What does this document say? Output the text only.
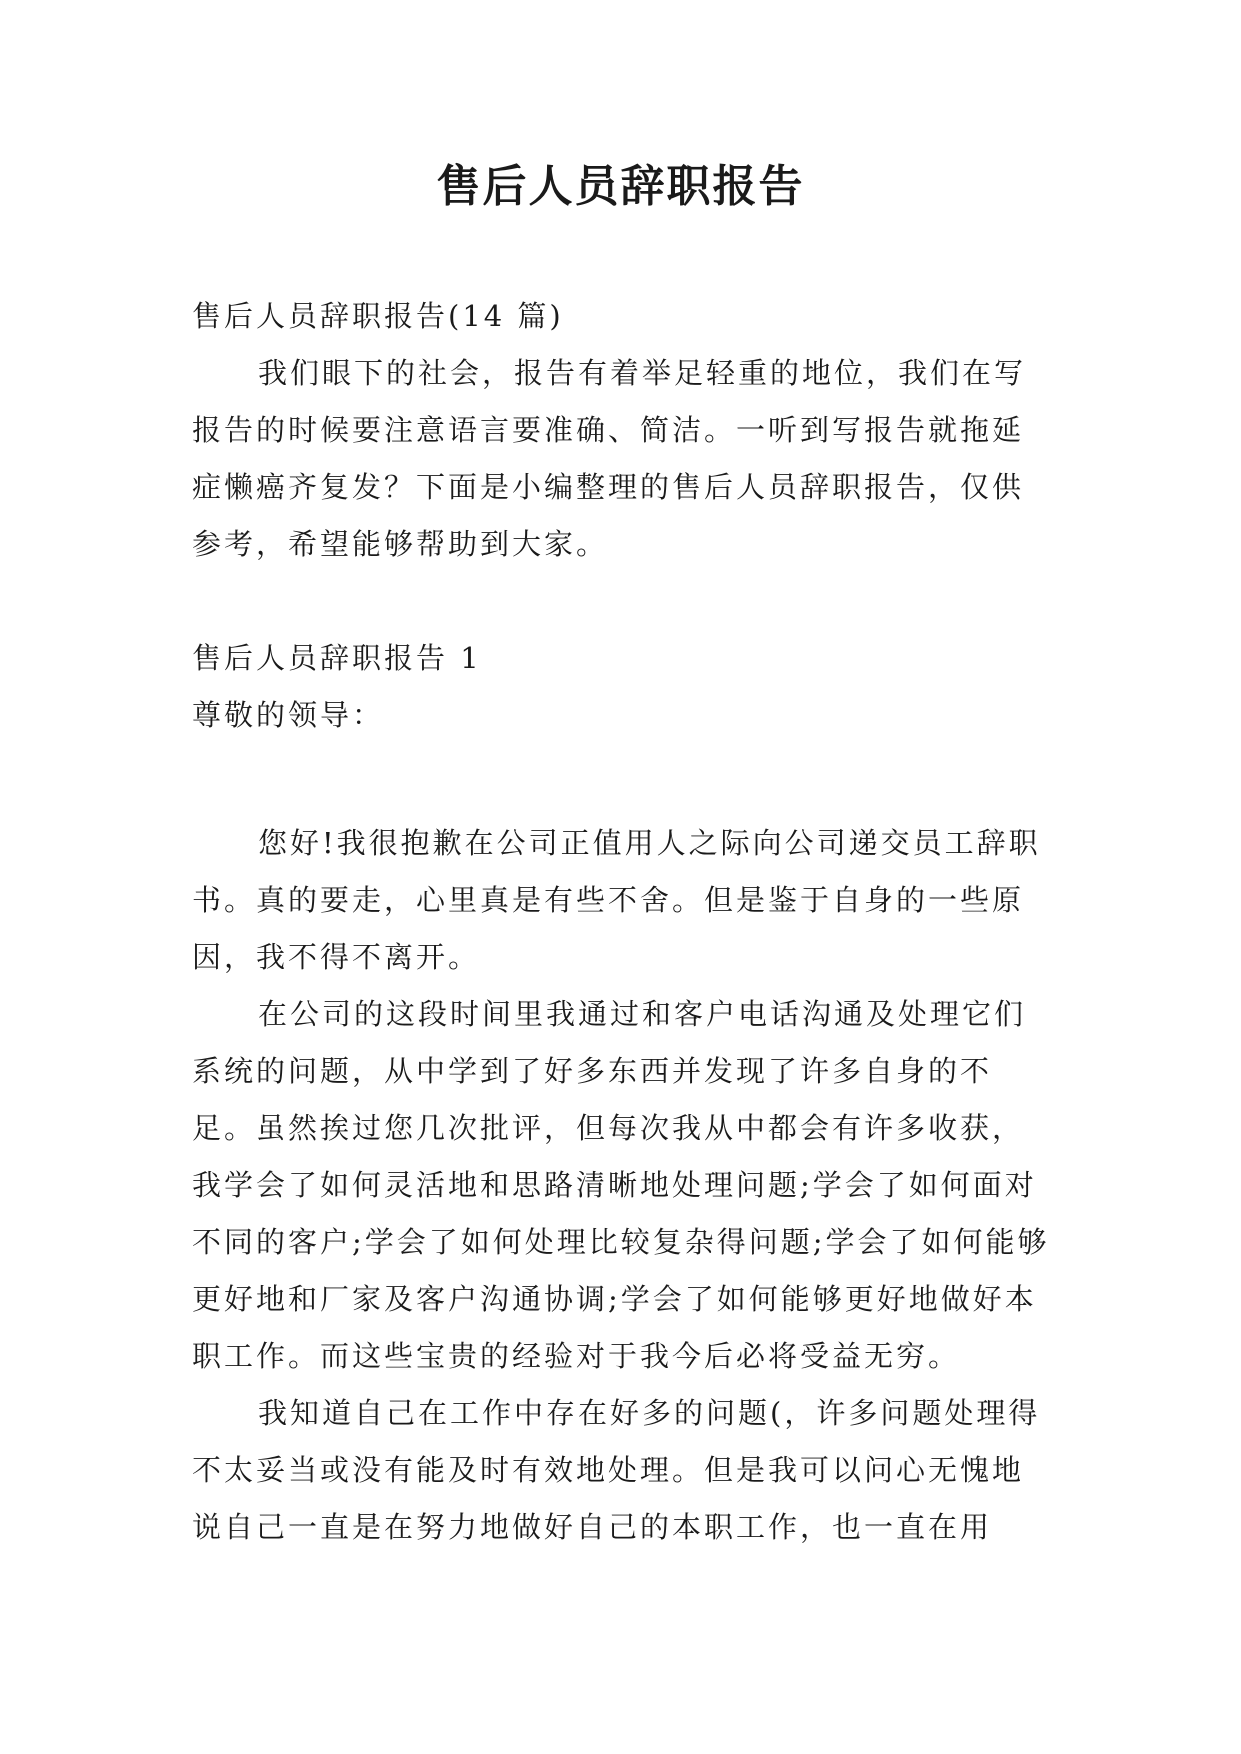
售后人员辞职报告

售后人员辞职报告(14 篇)

我们眼下的社会，报告有着举足轻重的地位，我们在写报告的时候要注意语言要准确、简洁。一听到写报告就拖延症懒癌齐复发？下面是小编整理的售后人员辞职报告，仅供参考，希望能够帮助到大家。

售后人员辞职报告 1

尊敬的领导：

您好!我很抱歉在公司正值用人之际向公司递交员工辞职书。真的要走，心里真是有些不舍。但是鉴于自身的一些原因，我不得不离开。

在公司的这段时间里我通过和客户电话沟通及处理它们系统的问题，从中学到了好多东西并发现了许多自身的不足。虽然挨过您几次批评，但每次我从中都会有许多收获，我学会了如何灵活地和思路清晰地处理问题;学会了如何面对不同的客户;学会了如何处理比较复杂得问题;学会了如何能够更好地和厂家及客户沟通协调;学会了如何能够更好地做好本职工作。而这些宝贵的经验对于我今后必将受益无穷。

我知道自己在工作中存在好多的问题(，许多问题处理得不太妥当或没有能及时有效地处理。但是我可以问心无愧地说自己一直是在努力地做好自己的本职工作，也一直在用
